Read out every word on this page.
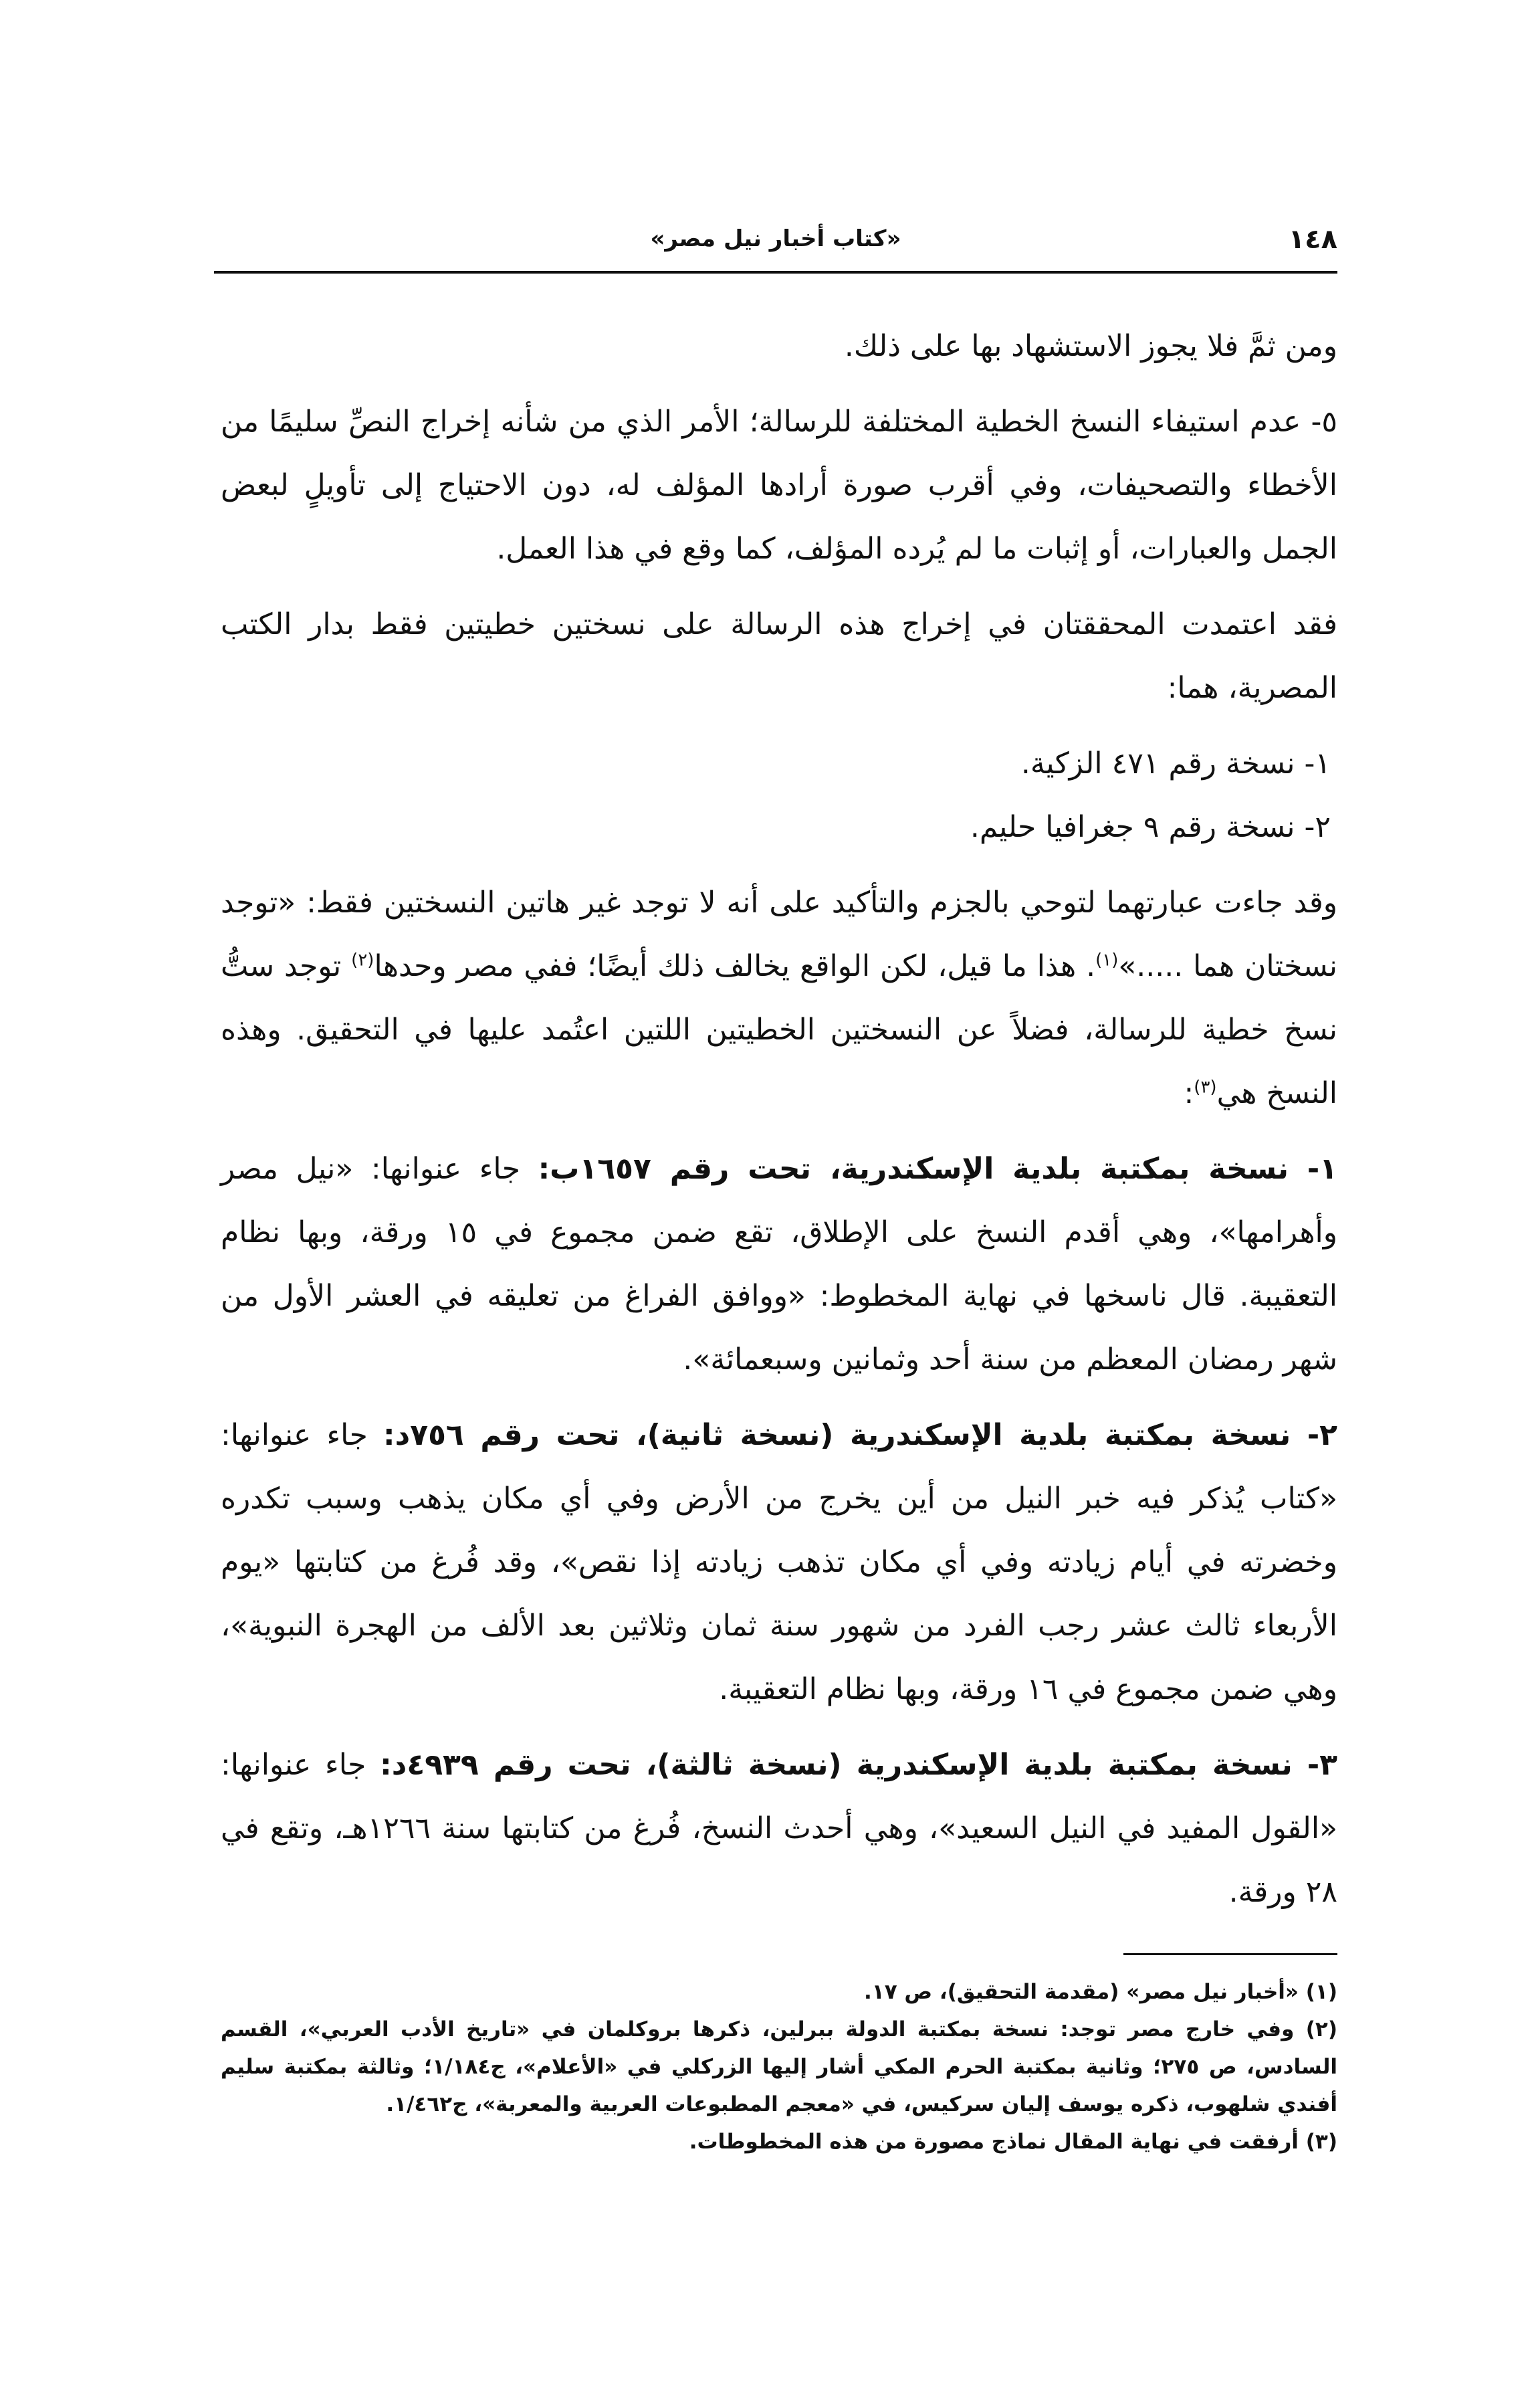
١٤٨
«كتاب أخبار نيل مصر»

ومن ثمَّ فلا يجوز الاستشهاد بها على ذلك.

٥- عدم استيفاء النسخ الخطية المختلفة للرسالة؛ الأمر الذي من شأنه إخراج النصِّ سليمًا من الأخطاء والتصحيفات، وفي أقرب صورة أرادها المؤلف له، دون الاحتياج إلى تأويلٍ لبعض الجمل والعبارات، أو إثبات ما لم يُرده المؤلف، كما وقع في هذا العمل.

فقد اعتمدت المحققتان في إخراج هذه الرسالة على نسختين خطيتين فقط بدار الكتب المصرية، هما:

١- نسخة رقم ٤٧١ الزكية.

٢- نسخة رقم ٩ جغرافيا حليم.

وقد جاءت عبارتهما لتوحي بالجزم والتأكيد على أنه لا توجد غير هاتين النسختين فقط: «توجد نسختان هما .....»$^{(١)}$. هذا ما قيل، لكن الواقع يخالف ذلك أيضًا؛ ففي مصر وحدها$^{(٢)}$ توجد ستُّ نسخ خطية للرسالة، فضلاً عن النسختين الخطيتين اللتين اعتُمد عليها في التحقيق. وهذه النسخ هي$^{(٣)}$:

١- نسخة بمكتبة بلدية الإسكندرية، تحت رقم ١٦٥٧ب: جاء عنوانها: «نيل مصر وأهرامها»، وهي أقدم النسخ على الإطلاق، تقع ضمن مجموع في ١٥ ورقة، وبها نظام التعقيبة. قال ناسخها في نهاية المخطوط: «ووافق الفراغ من تعليقه في العشر الأول من شهر رمضان المعظم من سنة أحد وثمانين وسبعمائة».

٢- نسخة بمكتبة بلدية الإسكندرية (نسخة ثانية)، تحت رقم ٧٥٦د: جاء عنوانها: «كتاب يُذكر فيه خبر النيل من أين يخرج من الأرض وفي أي مكان يذهب وسبب تكدره وخضرته في أيام زيادته وفي أي مكان تذهب زيادته إذا نقص»، وقد فُرغ من كتابتها «يوم الأربعاء ثالث عشر رجب الفرد من شهور سنة ثمان وثلاثين بعد الألف من الهجرة النبوية»، وهي ضمن مجموع في ١٦ ورقة، وبها نظام التعقيبة.

٣- نسخة بمكتبة بلدية الإسكندرية (نسخة ثالثة)، تحت رقم ٤٩٣٩د: جاء عنوانها: «القول المفيد في النيل السعيد»، وهي أحدث النسخ، فُرغ من كتابتها سنة ١٢٦٦هـ، وتقع في ٢٨ ورقة.

(١) «أخبار نيل مصر» (مقدمة التحقيق)، ص ١٧.

(٢) وفي خارج مصر توجد: نسخة بمكتبة الدولة ببرلين، ذكرها بروكلمان في «تاريخ الأدب العربي»، القسم السادس، ص ٢٧٥؛ وثانية بمكتبة الحرم المكي أشار إليها الزركلي في «الأعلام»، ج١/١٨٤؛ وثالثة بمكتبة سليم أفندي شلهوب، ذكره يوسف إليان سركيس، في «معجم المطبوعات العربية والمعربة»، ج١/٤٦٢.

(٣) أرفقت في نهاية المقال نماذج مصورة من هذه المخطوطات.
